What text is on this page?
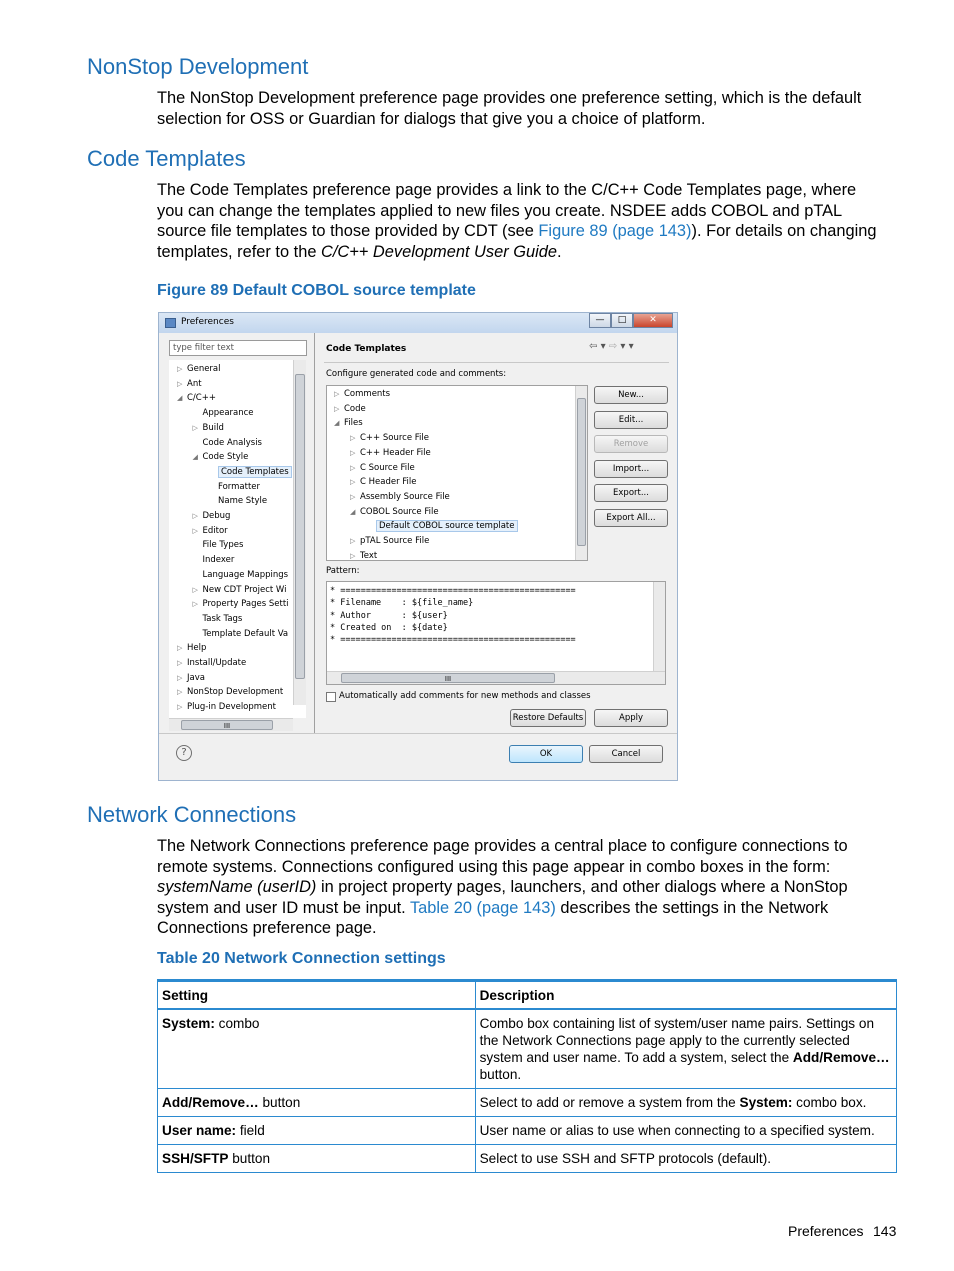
NonStop Development
The NonStop Development preference page provides one preference setting, which is the default
selection for OSS or Guardian for dialogs that give you a choice of platform.
Code Templates
The Code Templates preference page provides a link to the C/C++ Code Templates page, where
you can change the templates applied to new files you create. NSDEE adds COBOL and pTAL
source file templates to those provided by CDT (see Figure 89 (page 143)). For details on changing
templates, refer to the C/C++ Development User Guide.
Figure 89 Default COBOL source template
Preferences	—	□	✕
type filter text
▷ General
▷ Ant
◢ C/C++
Appearance
▷ Build
Code Analysis
◢ Code Style
Code Templates
Formatter
Name Style
▷ Debug
▷ Editor
File Types
Indexer
Language Mappings
▷ New CDT Project Wi
▷ Property Pages Setti
Task Tags
Template Default Va
▷ Help
▷ Install/Update
▷ Java
▷ NonStop Development
▷ Plug-in Development
III
Code Templates	⇦ ▾ ⇨ ▾ ▾
Configure generated code and comments:
▷ Comments
▷ Code
◢ Files
▷ C++ Source File
▷ C++ Header File
▷ C Source File
▷ C Header File
▷ Assembly Source File
◢ COBOL Source File
Default COBOL source template
▷ pTAL Source File
▷ Text
New...
Edit...
Remove
Import...
Export...
Export All...
Pattern:
* ==============================================
* Filename    : ${file_name}
* Author      : ${user}
* Created on  : ${date}
* ==============================================
III
Automatically add comments for new methods and classes
Restore Defaults	Apply
?	OK	Cancel
Network Connections
The Network Connections preference page provides a central place to configure connections to
remote systems. Connections configured using this page appear in combo boxes in the form:
systemName (userID) in project property pages, launchers, and other dialogs where a NonStop
system and user ID must be input. Table 20 (page 143) describes the settings in the Network
Connections preference page.
Table 20 Network Connection settings
Setting	Description
System: combo	Combo box containing list of system/user name pairs. Settings on the Network Connections page apply to the currently selected system and user name. To add a system, select the Add/Remove… button.
Add/Remove… button	Select to add or remove a system from the System: combo box.
User name: field	User name or alias to use when connecting to a specified system.
SSH/SFTP button	Select to use SSH and SFTP protocols (default).
Preferences 143
